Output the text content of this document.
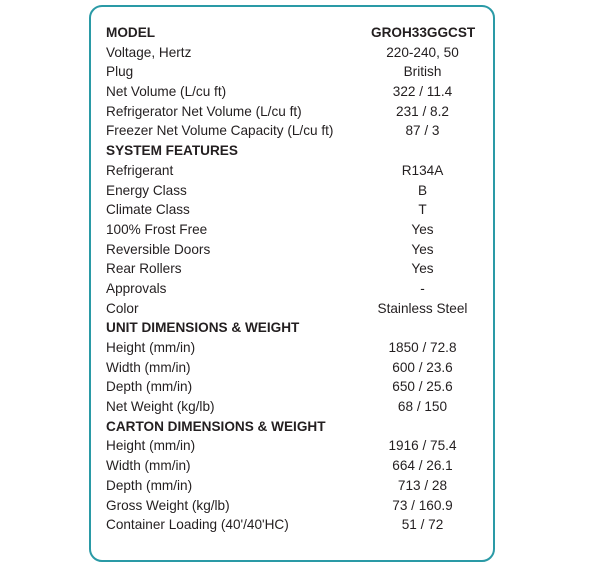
MODEL	GROH33GGCST
Voltage, Hertz	220-240, 50
Plug	British
Net Volume (L/cu ft)	322 / 11.4
Refrigerator Net Volume (L/cu ft)	231 / 8.2
Freezer Net Volume Capacity (L/cu ft)	87 / 3
SYSTEM FEATURES
Refrigerant	R134A
Energy Class	B
Climate Class	T
100% Frost Free	Yes
Reversible Doors	Yes
Rear Rollers	Yes
Approvals	-
Color	Stainless Steel
UNIT DIMENSIONS & WEIGHT
Height (mm/in)	1850 / 72.8
Width (mm/in)	600 / 23.6
Depth (mm/in)	650 / 25.6
Net Weight (kg/lb)	68 / 150
CARTON DIMENSIONS & WEIGHT
Height (mm/in)	1916 / 75.4
Width (mm/in)	664 / 26.1
Depth (mm/in)	713 / 28
Gross Weight (kg/lb)	73 / 160.9
Container Loading (40'/40'HC)	51 / 72
